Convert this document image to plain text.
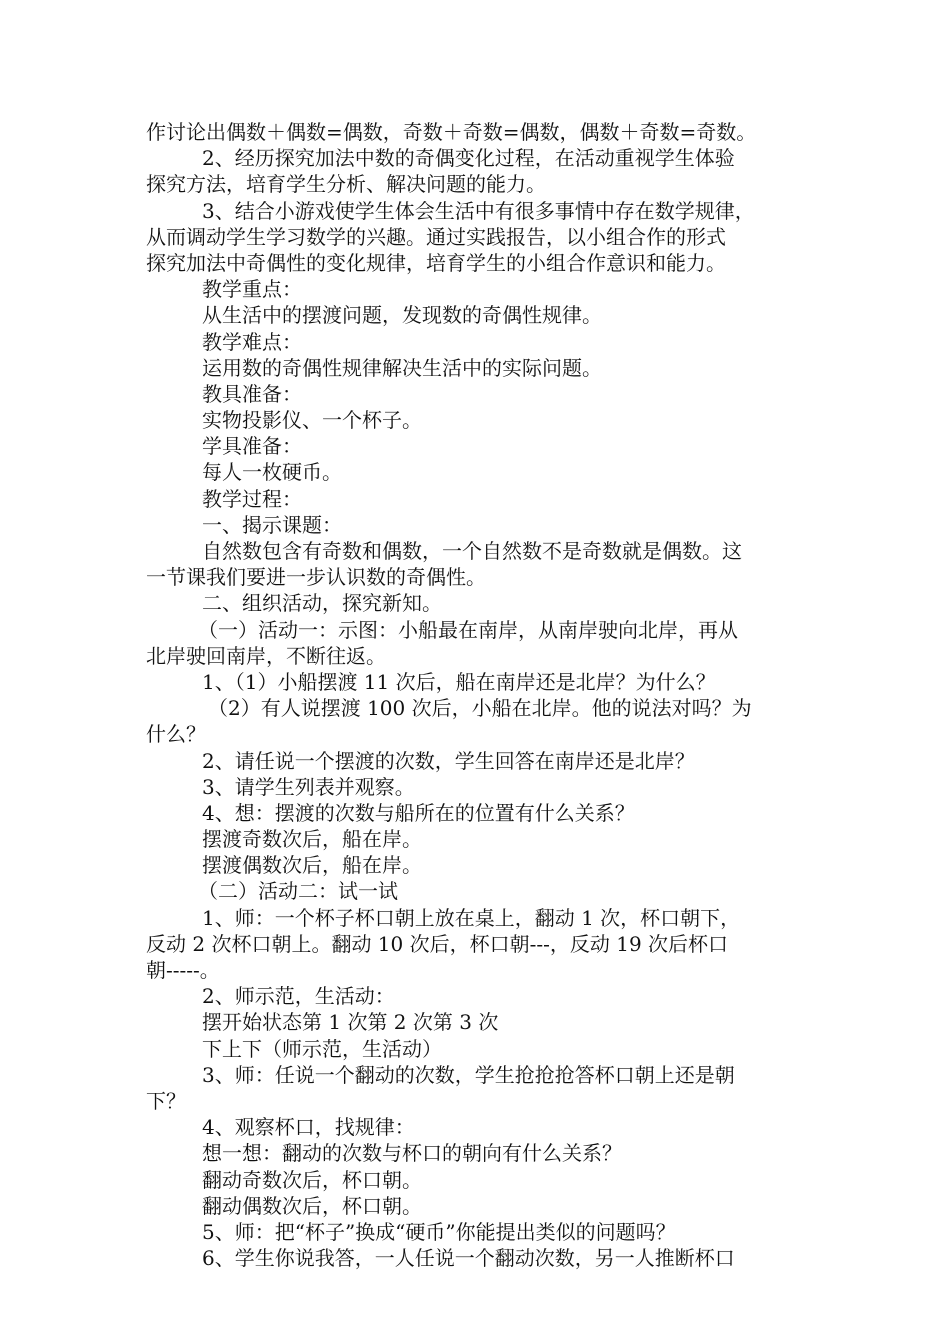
作讨论出偶数＋偶数=偶数，奇数＋奇数=偶数，偶数＋奇数=奇数。
2、经历探究加法中数的奇偶变化过程，在活动重视学生体验
探究方法，培育学生分析、解决问题的能力。
3、结合小游戏使学生体会生活中有很多事情中存在数学规律，
从而调动学生学习数学的兴趣。通过实践报告，以小组合作的形式
探究加法中奇偶性的变化规律，培育学生的小组合作意识和能力。
教学重点：
从生活中的摆渡问题，发现数的奇偶性规律。
教学难点：
运用数的奇偶性规律解决生活中的实际问题。
教具准备：
实物投影仪、一个杯子。
学具准备：
每人一枚硬币。
教学过程：
一、揭示课题：
自然数包含有奇数和偶数，一个自然数不是奇数就是偶数。这
一节课我们要进一步认识数的奇偶性。
二、组织活动，探究新知。
（一）活动一：示图：小船最在南岸，从南岸驶向北岸，再从
北岸驶回南岸，不断往返。
1、（1）小船摆渡 11 次后，船在南岸还是北岸？为什么？
（2）有人说摆渡 100 次后，小船在北岸。他的说法对吗？为
什么？
2、请任说一个摆渡的次数，学生回答在南岸还是北岸？
3、请学生列表并观察。
4、想：摆渡的次数与船所在的位置有什么关系？
摆渡奇数次后，船在岸。
摆渡偶数次后，船在岸。
（二）活动二：试一试
1、师：一个杯子杯口朝上放在桌上，翻动 1 次，杯口朝下，
反动 2 次杯口朝上。翻动 10 次后，杯口朝---，反动 19 次后杯口
朝-----。
2、师示范，生活动：
摆开始状态第 1 次第 2 次第 3 次
下上下（师示范，生活动）
3、师：任说一个翻动的次数，学生抢抢抢答杯口朝上还是朝
下？
4、观察杯口，找规律：
想一想：翻动的次数与杯口的朝向有什么关系？
翻动奇数次后，杯口朝。
翻动偶数次后，杯口朝。
5、师：把“杯子”换成“硬币”你能提出类似的问题吗？
6、学生你说我答，一人任说一个翻动次数，另一人推断杯口
